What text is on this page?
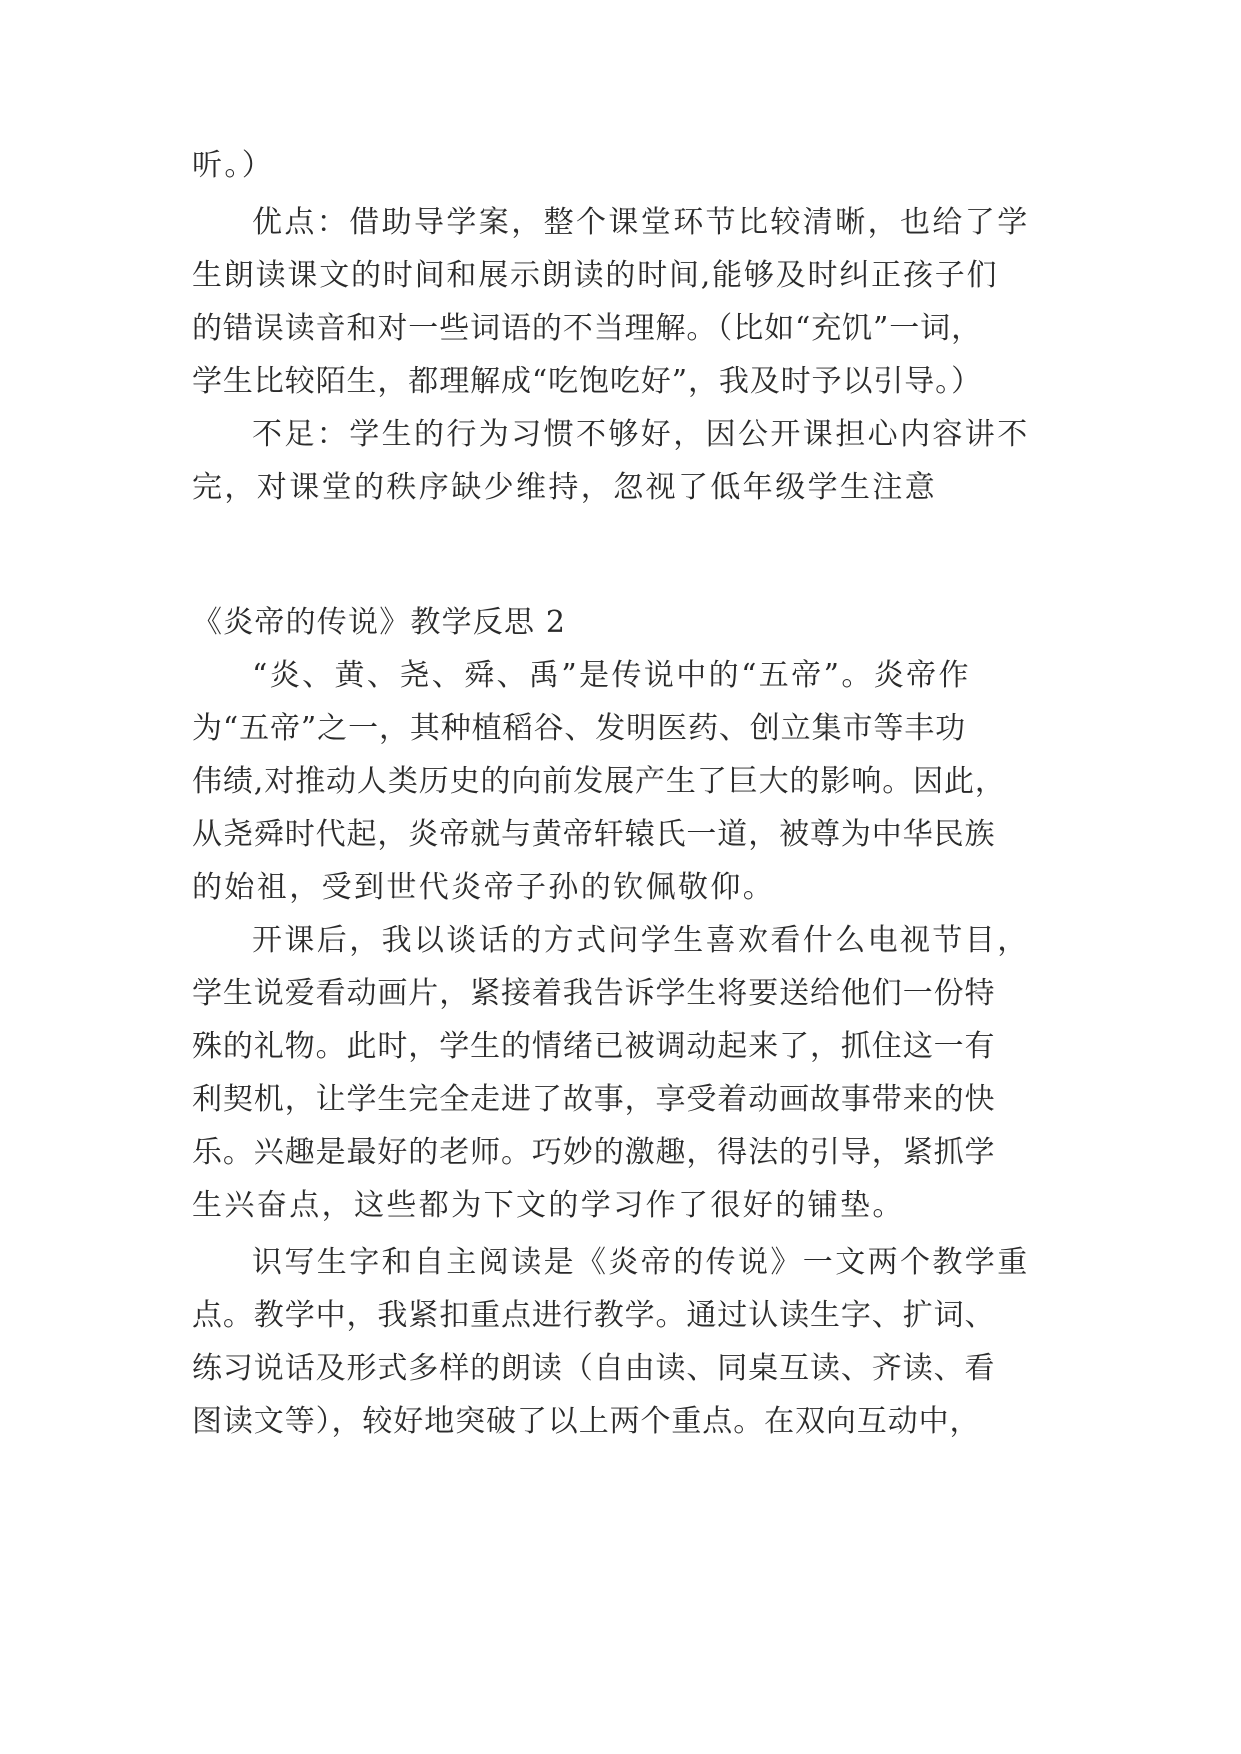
听。）
优点：借助导学案，整个课堂环节比较清晰，也给了学
生朗读课文的时间和展示朗读的时间,能够及时纠正孩子们
的错误读音和对一些词语的不当理解。（比如“充饥”一词，
学生比较陌生，都理解成“吃饱吃好”，我及时予以引导。）
不足：学生的行为习惯不够好，因公开课担心内容讲不
完，对课堂的秩序缺少维持，忽视了低年级学生注意
《炎帝的传说》教学反思 2
“炎、黄、尧、舜、禹”是传说中的“五帝”。炎帝作
为“五帝”之一，其种植稻谷、发明医药、创立集市等丰功
伟绩,对推动人类历史的向前发展产生了巨大的影响。因此，
从尧舜时代起，炎帝就与黄帝轩辕氏一道，被尊为中华民族
的始祖，受到世代炎帝子孙的钦佩敬仰。
开课后，我以谈话的方式问学生喜欢看什么电视节目，
学生说爱看动画片，紧接着我告诉学生将要送给他们一份特
殊的礼物。此时，学生的情绪已被调动起来了，抓住这一有
利契机，让学生完全走进了故事，享受着动画故事带来的快
乐。兴趣是最好的老师。巧妙的激趣，得法的引导，紧抓学
生兴奋点，这些都为下文的学习作了很好的铺垫。
识写生字和自主阅读是《炎帝的传说》一文两个教学重
点。教学中，我紧扣重点进行教学。通过认读生字、扩词、
练习说话及形式多样的朗读（自由读、同桌互读、齐读、看
图读文等），较好地突破了以上两个重点。在双向互动中，
